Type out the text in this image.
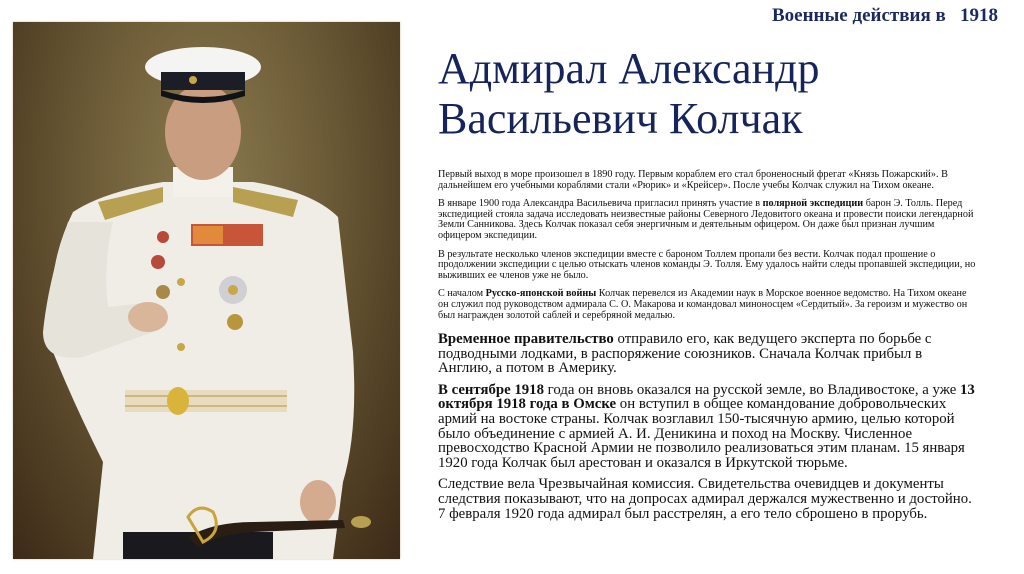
Военные действия в   1918
Адмирал Александр
Васильевич Колчак

Первый выход в море произошел в 1890 году. Первым кораблем его стал броненосный фрегат «Князь Пожарский». В дальнейшем его учебными кораблями стали «Рюрик» и «Крейсер». После учебы Колчак служил на Тихом океане.

В январе 1900 года Александра Васильевича пригласил принять участие в полярной экспедиции барон Э. Толль. Перед экспедицией стояла задача исследовать неизвестные районы Северного Ледовитого океана и провести поиски легендарной Земли Санникова. Здесь Колчак показал себя энергичным и деятельным офицером. Он даже был признан лучшим офицером экспедиции.

В результате несколько членов экспедиции вместе с бароном Толлем пропали без вести. Колчак подал прошение о продолжении экспедиции с целью отыскать членов команды Э. Толля. Ему удалось найти следы пропавшей экспедиции, но выживших ее членов уже не было.

С началом Русско-японской войны Колчак перевелся из Академии наук в Морское военное ведомство. На Тихом океане он служил под руководством адмирала С. О. Макарова и командовал миноносцем «Сердитый». За героизм и мужество он был награжден золотой саблей и серебряной медалью.

Временное правительство отправило его, как ведущего эксперта по борьбе с подводными лодками, в распоряжение союзников. Сначала Колчак прибыл в Англию, а потом в Америку.

В сентябре 1918 года он вновь оказался на русской земле, во Владивостоке, а уже 13 октября 1918 года в Омске он вступил в общее командование добровольческих армий на востоке страны. Колчак возглавил 150-тысячную армию, целью которой было объединение с армией А. И. Деникина и поход на Москву. Численное превосходство Красной Армии не позволило реализоваться этим планам. 15 января 1920 года Колчак был арестован и оказался в Иркутской тюрьме.

Следствие вела Чрезвычайная комиссия. Свидетельства очевидцев и документы следствия показывают, что на допросах адмирал держался мужественно и достойно. 7 февраля 1920 года адмирал был расстрелян, а его тело сброшено в прорубь.
